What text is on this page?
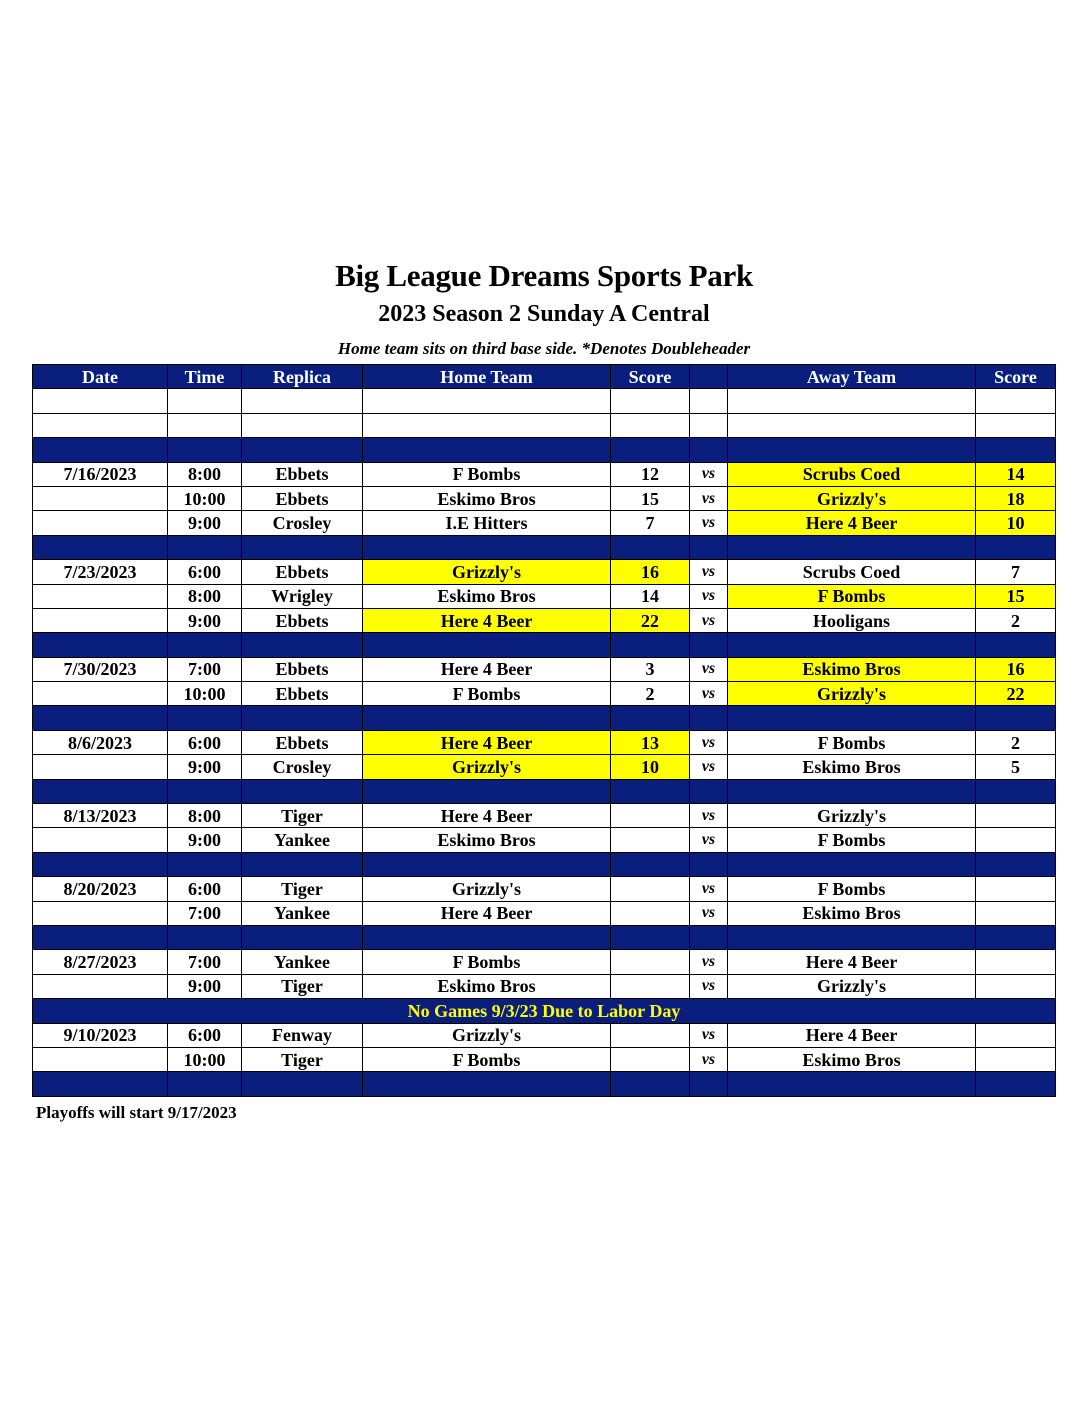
Big League Dreams Sports Park
2023 Season 2 Sunday A Central
Home team sits on third base side. *Denotes Doubleheader
Date	Time	Replica	Home Team	Score		Away Team	Score

7/16/2023	8:00	Ebbets	F Bombs	12	vs	Scrubs Coed	14
	10:00	Ebbets	Eskimo Bros	15	vs	Grizzly's	18
	9:00	Crosley	I.E Hitters	7	vs	Here 4 Beer	10

7/23/2023	6:00	Ebbets	Grizzly's	16	vs	Scrubs Coed	7
	8:00	Wrigley	Eskimo Bros	14	vs	F Bombs	15
	9:00	Ebbets	Here 4 Beer	22	vs	Hooligans	2

7/30/2023	7:00	Ebbets	Here 4 Beer	3	vs	Eskimo Bros	16
	10:00	Ebbets	F Bombs	2	vs	Grizzly's	22

8/6/2023	6:00	Ebbets	Here 4 Beer	13	vs	F Bombs	2
	9:00	Crosley	Grizzly's	10	vs	Eskimo Bros	5

8/13/2023	8:00	Tiger	Here 4 Beer		vs	Grizzly's	
	9:00	Yankee	Eskimo Bros		vs	F Bombs	

8/20/2023	6:00	Tiger	Grizzly's		vs	F Bombs	
	7:00	Yankee	Here 4 Beer		vs	Eskimo Bros	

8/27/2023	7:00	Yankee	F Bombs		vs	Here 4 Beer	
	9:00	Tiger	Eskimo Bros		vs	Grizzly's	
No Games 9/3/23 Due to Labor Day							
9/10/2023	6:00	Fenway	Grizzly's		vs	Here 4 Beer	
	10:00	Tiger	F Bombs		vs	Eskimo Bros	

Playoffs will start 9/17/2023
